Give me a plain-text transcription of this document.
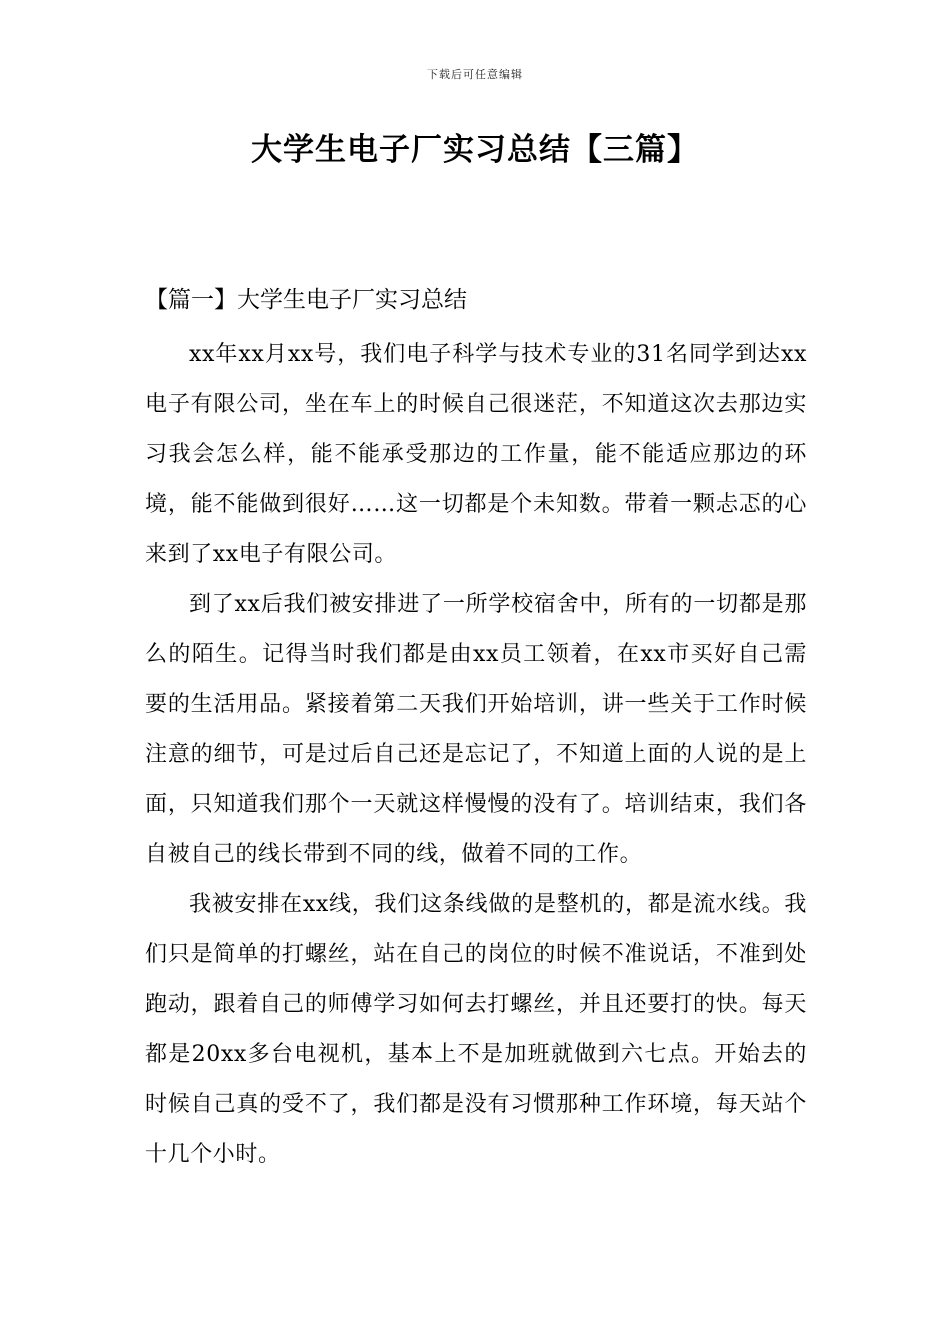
下载后可任意编辑
大学生电子厂实习总结【三篇】
【篇一】大学生电子厂实习总结

xx年xx月xx号，我们电子科学与技术专业的31名同学到达xx电子有限公司，坐在车上的时候自己很迷茫，不知道这次去那边实习我会怎么样，能不能承受那边的工作量，能不能适应那边的环境，能不能做到很好……这一切都是个未知数。带着一颗忐忑的心来到了xx电子有限公司。

到了xx后我们被安排进了一所学校宿舍中，所有的一切都是那么的陌生。记得当时我们都是由xx员工领着，在xx市买好自己需要的生活用品。紧接着第二天我们开始培训，讲一些关于工作时候注意的细节，可是过后自己还是忘记了，不知道上面的人说的是上面，只知道我们那个一天就这样慢慢的没有了。培训结束，我们各自被自己的线长带到不同的线，做着不同的工作。

我被安排在xx线，我们这条线做的是整机的，都是流水线。我们只是简单的打螺丝，站在自己的岗位的时候不准说话，不准到处跑动，跟着自己的师傅学习如何去打螺丝，并且还要打的快。每天都是20xx多台电视机，基本上不是加班就做到六七点。开始去的时候自己真的受不了，我们都是没有习惯那种工作环境，每天站个十几个小时。
